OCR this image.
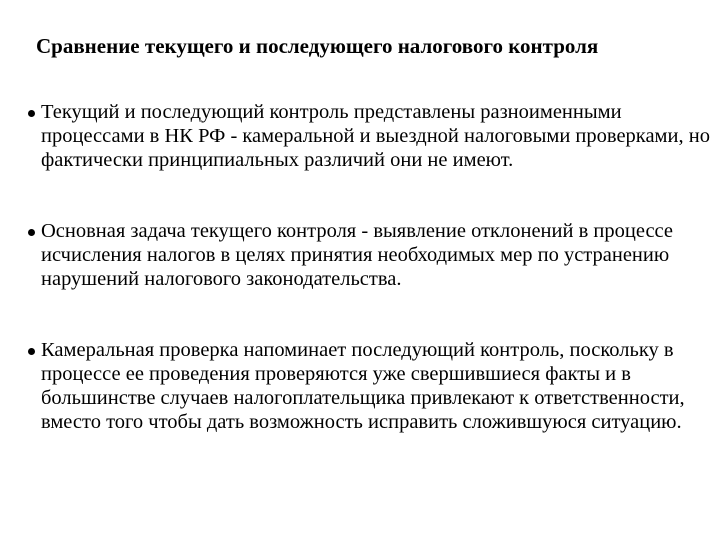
Сравнение текущего и последующего налогового контроля
Текущий и последующий контроль представлены разноименными процессами в НК РФ - камеральной и выездной налоговыми проверками, но фактически принципиальных различий они не имеют.
Основная задача текущего контроля - выявление отклонений в процессе исчисления налогов в целях принятия необходимых мер по устранению нарушений налогового законодательства.
Камеральная проверка напоминает последующий контроль, поскольку в процессе ее проведения проверяются уже свершившиеся факты и в большинстве случаев налогоплательщика привлекают к ответственности, вместо того чтобы дать возможность исправить сложившуюся ситуацию.
